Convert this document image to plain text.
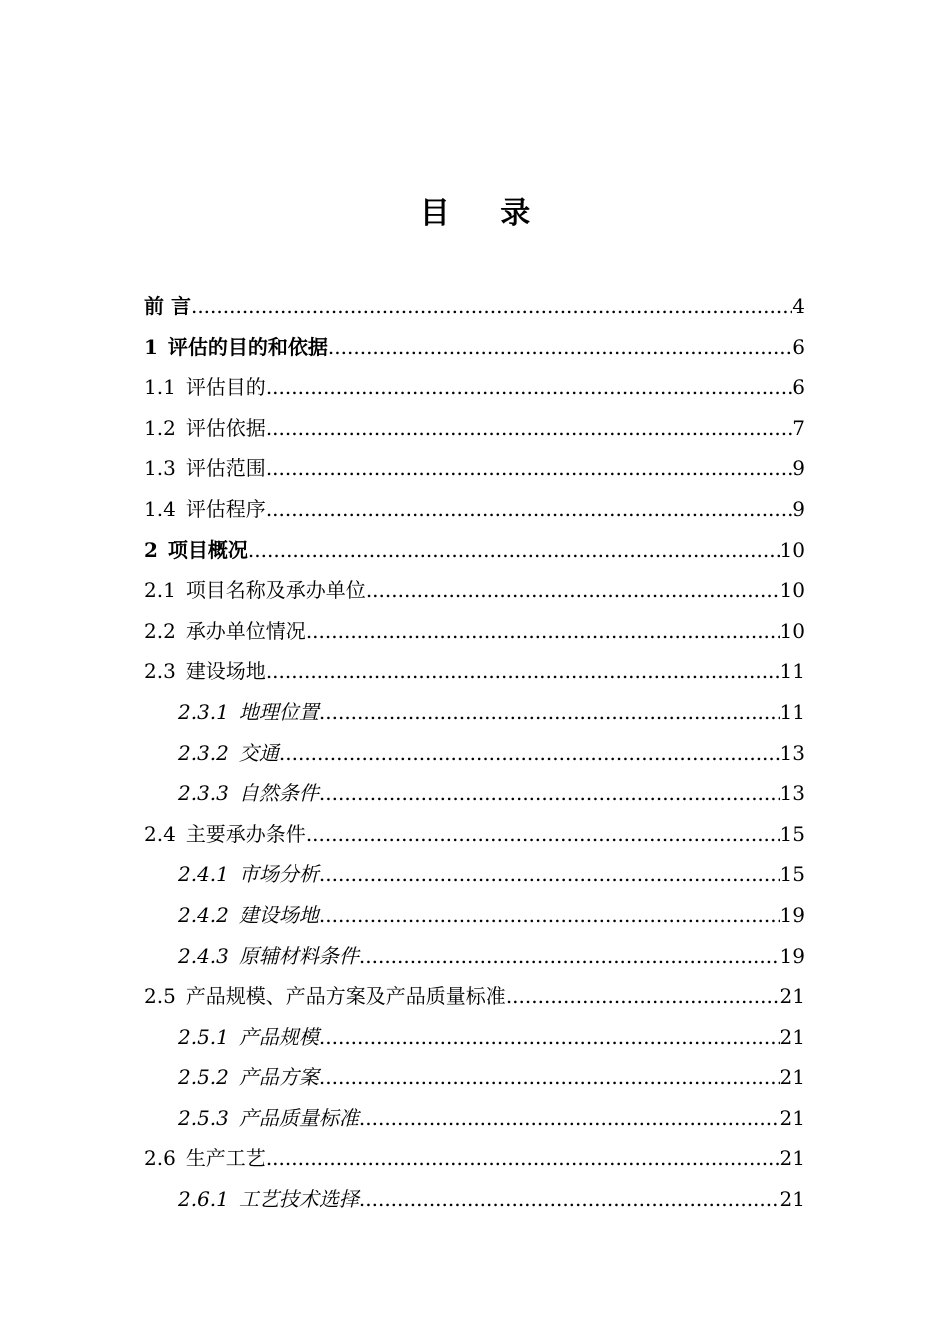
目 录
前 言 .....	4
1 评估的目的和依据 .....	6
1.1 评估目的 .....	6
1.2 评估依据 .....	7
1.3 评估范围 .....	9
1.4 评估程序 .....	9
2 项目概况 .....	10
2.1 项目名称及承办单位 .....	10
2.2 承办单位情况 .....	10
2.3 建设场地 .....	11
2.3.1 地理位置 .....	11
2.3.2 交通 .....	13
2.3.3 自然条件 .....	13
2.4 主要承办条件 .....	15
2.4.1 市场分析 .....	15
2.4.2 建设场地 .....	19
2.4.3 原辅材料条件 .....	19
2.5 产品规模、产品方案及产品质量标准 .....	21
2.5.1 产品规模 .....	21
2.5.2 产品方案 .....	21
2.5.3 产品质量标准 .....	21
2.6 生产工艺 .....	21
2.6.1 工艺技术选择 .....	21
